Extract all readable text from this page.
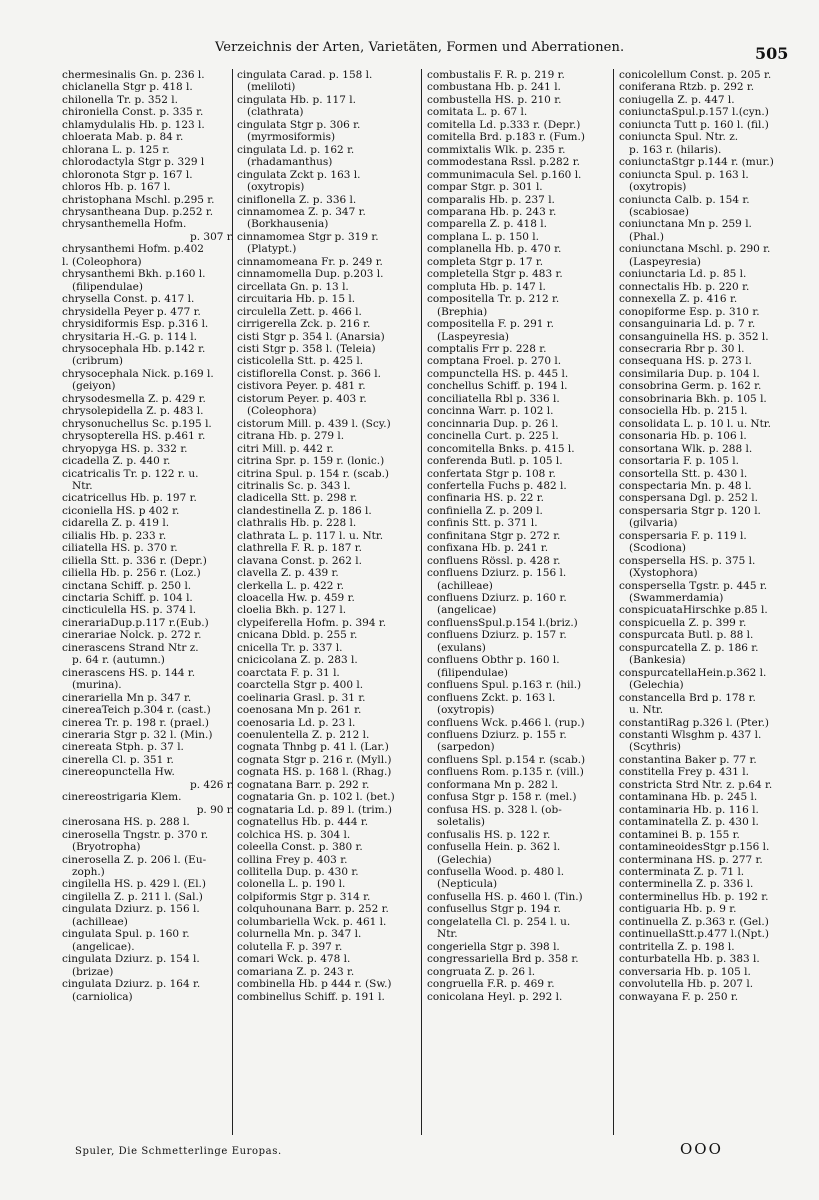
Verzeichnis der Arten, Varietäten, Formen und Aberrationen.	505
chermesinalis Gn. p. 236 l.
chiclanella Stgr p. 418 l.
chilonella Tr. p. 352 l.
chironiella Const. p. 335 r.
chlamydulalis Hb. p. 123 l.
chloerata Mab. p. 84 r.
chlorana L. p. 125 r.
chlorodactyla Stgr p. 329 l
chloronota Stgr p. 167 l.
chloros Hb. p. 167 l.
christophana Mschl. p.295 r.
chrysantheana Dup. p.252 r.
chrysanthemella Hofm.
p. 307 r.
chrysanthemi Hofm. p.402
l. (Coleophora)
chrysanthemi Bkh. p.160 l.
(filipendulae)
chrysella Const. p. 417 l.
chrysidella Peyer p. 477 r.
chrysidiformis Esp. p.316 l.
chrysitaria H.-G. p. 114 l.
chrysocephala Hb. p.142 r.
(cribrum)
chrysocephala Nick. p.169 l.
(geiyon)
chrysodesmella Z. p. 429 r.
chrysolepidella Z. p. 483 l.
chrysonuchellus Sc. p.195 l.
chrysopterella HS. p.461 r.
chryopyga HS. p. 332 r.
cicadella Z. p. 440 r.
cicatricalis Tr. p. 122 r. u.
Ntr.
cicatricellus Hb. p. 197 r.
ciconiella HS. p 402 r.
cidarella Z. p. 419 l.
cilialis Hb. p. 233 r.
ciliatella HS. p. 370 r.
ciliella Stt. p. 336 r. (Depr.)
ciliella Hb. p. 256 r. (Loz.)
cinctana Schiff. p. 250 l.
cinctaria Schiff. p. 104 l.
cincticulella HS. p. 374 l.
cinerariaDup.p.117 r.(Eub.)
cinerariae Nolck. p. 272 r.
cinerascens Strand Ntr z.
p. 64 r. (autumn.)
cinerascens HS. p. 144 r.
(murina).
cinerariella Mn p. 347 r.
cinereaTeich p.304 r. (cast.)
cinerea Tr. p. 198 r. (prael.)
cineraria Stgr p. 32 l. (Min.)
cinereata Stph. p. 37 l.
cinerella Cl. p. 351 r.
cinereopunctella Hw.
p. 426 r.
cinereostrigaria Klem.
p. 90 r.
cinerosana HS. p. 288 l.
cinerosella Tngstr. p. 370 r.
(Bryotropha)
cinerosella Z. p. 206 l. (Eu-
zoph.)
cingilella HS. p. 429 l. (El.)
cingilella Z. p. 211 l. (Sal.)
cingulata Dziurz. p. 156 l.
(achilleae)
cingulata Spul. p. 160 r.
(angelicae).
cingulata Dziurz. p. 154 l.
(brizae)
cingulata Dziurz. p. 164 r.
(carniolica)
cingulata Carad. p. 158 l.
(meliloti)
cingulata Hb. p. 117 l.
(clathrata)
cingulata Stgr p. 306 r.
(myrmosiformis)
cingulata Ld. p. 162 r.
(rhadamanthus)
cingulata Zckt p. 163 l.
(oxytropis)
ciniflonella Z. p. 336 l.
cinnamomea Z. p. 347 r.
(Borkhausenia)
cinnamomea Stgr p. 319 r.
(Platypt.)
cinnamomeana Fr. p. 249 r.
cinnamomella Dup. p.203 l.
circellata Gn. p. 13 l.
circuitaria Hb. p. 15 l.
circulella Zett. p. 466 l.
cirrigerella Zck. p. 216 r.
cisti Stgr p. 354 l. (Anarsia)
cisti Stgr p. 358 l. (Teleia)
cisticolella Stt. p. 425 l.
cistiflorella Const. p. 366 l.
cistivora Peyer. p. 481 r.
cistorum Peyer. p. 403 r.
(Coleophora)
cistorum Mill. p. 439 l. (Scy.)
citrana Hb. p. 279 l.
citri Mill. p. 442 r.
citrina Spr. p. 159 r. (lonic.)
citrina Spul. p. 154 r. (scab.)
citrinalis Sc. p. 343 l.
cladicella Stt. p. 298 r.
clandestinella Z. p. 186 l.
clathralis Hb. p. 228 l.
clathrata L. p. 117 l. u. Ntr.
clathrella F. R. p. 187 r.
clavana Const. p. 262 l.
clavella Z. p. 439 r.
clerkella L. p. 422 r.
cloacella Hw. p. 459 r.
cloelia Bkh. p. 127 l.
clypeiferella Hofm. p. 394 r.
cnicana Dbld. p. 255 r.
cnicella Tr. p. 337 l.
cnicicolana Z. p. 283 l.
coarctata F. p. 31 l.
coarctella Stgr p. 400 l.
coelinaria Grasl. p. 31 r.
coenosana Mn p. 261 r.
coenosaria Ld. p. 23 l.
coenulentella Z. p. 212 l.
cognata Thnbg p. 41 l. (Lar.)
cognata Stgr p. 216 r. (Myll.)
cognata HS. p. 168 l. (Rhag.)
cognatana Barr. p. 292 r.
cognataria Gn. p. 102 l. (bet.)
cognataria Ld. p. 89 l. (trim.)
cognatellus Hb. p. 444 r.
colchica HS. p. 304 l.
coleella Const. p. 380 r.
collina Frey p. 403 r.
collitella Dup. p. 430 r.
colonella L. p. 190 l.
colpiformis Stgr p. 314 r.
colquhounana Barr. p. 252 r.
columbariella Wck. p. 461 l.
colurnella Mn. p. 347 l.
colutella F. p. 397 r.
comari Wck. p. 478 l.
comariana Z. p. 243 r.
combinella Hb. p 444 r. (Sw.)
combinellus Schiff. p. 191 l.
combustalis F. R. p. 219 r.
combustana Hb. p. 241 l.
combustella HS. p. 210 r.
comitata L. p. 67 l.
comitella Ld. p.333 r. (Depr.)
comitella Brd. p.183 r. (Fum.)
commixtalis Wlk. p. 235 r.
commodestana Rssl. p.282 r.
communimacula Sel. p.160 l.
compar Stgr. p. 301 l.
comparalis Hb. p. 237 l.
comparana Hb. p. 243 r.
comparella Z. p. 418 l.
complana L. p. 150 l.
complanella Hb. p. 470 r.
completa Stgr p. 17 r.
completella Stgr p. 483 r.
compluta Hb. p. 147 l.
compositella Tr. p. 212 r.
(Brephia)
compositella F. p. 291 r.
(Laspeyresia)
comptalis Frr p. 228 r.
comptana Froel. p. 270 l.
compunctella HS. p. 445 l.
conchellus Schiff. p. 194 l.
conciliatella Rbl p. 336 l.
concinna Warr. p. 102 l.
concinnaria Dup. p. 26 l.
concinella Curt. p. 225 l.
concomitella Bnks. p. 415 l.
conferenda Butl. p. 105 l.
confertata Stgr p. 108 r.
confertella Fuchs p. 482 l.
confinaria HS. p. 22 r.
confiniella Z. p. 209 l.
confinis Stt. p. 371 l.
confinitana Stgr p. 272 r.
confixana Hb. p. 241 r.
confluens Rössl. p. 428 r.
confluens Dziurz. p. 156 l.
(achilleae)
confluens Dziurz. p. 160 r.
(angelicae)
confluensSpul.p.154 l.(briz.)
confluens Dziurz. p. 157 r.
(exulans)
confluens Obthr p. 160 l.
(filipendulae)
confluens Spul. p.163 r. (hil.)
confluens Zckt. p. 163 l.
(oxytropis)
confluens Wck. p.466 l. (rup.)
confluens Dziurz. p. 155 r.
(sarpedon)
confluens Spl. p.154 r. (scab.)
confluens Rom. p.135 r. (vill.)
conformana Mn p. 282 l.
confusa Stgr p. 158 r. (mel.)
confusa HS. p. 328 l. (ob-
soletalis)
confusalis HS. p. 122 r.
confusella Hein. p. 362 l.
(Gelechia)
confusella Wood. p. 480 l.
(Nepticula)
confusella HS. p. 460 l. (Tin.)
confusellus Stgr p. 194 r.
congelatella Cl. p. 254 l. u.
Ntr.
congeriella Stgr p. 398 l.
congressariella Brd p. 358 r.
congruata Z. p. 26 l.
congruella F.R. p. 469 r.
conicolana Heyl. p. 292 l.
conicolellum Const. p. 205 r.
coniferana Rtzb. p. 292 r.
coniugella Z. p. 447 l.
coniunctaSpul.p.157 l.(cyn.)
coniuncta Tutt p. 160 l. (fil.)
coniuncta Spul. Ntr. z.
p. 163 r. (hilaris).
coniunctaStgr p.144 r. (mur.)
coniuncta Spul. p. 163 l.
(oxytropis)
coniuncta Calb. p. 154 r.
(scabiosae)
coniunctana Mn p. 259 l.
(Phal.)
coniunctana Mschl. p. 290 r.
(Laspeyresia)
coniunctaria Ld. p. 85 l.
connectalis Hb. p. 220 r.
connexella Z. p. 416 r.
conopiforme Esp. p. 310 r.
consanguinaria Ld. p. 7 r.
consanguinella HS. p. 352 l.
consecraria Rbr p. 30 l.
consequana HS. p. 273 l.
consimilaria Dup. p. 104 l.
consobrina Germ. p. 162 r.
consobrinaria Bkh. p. 105 l.
consociella Hb. p. 215 l.
consolidata L. p. 10 l. u. Ntr.
consonaria Hb. p. 106 l.
consortana Wlk. p. 288 l.
consortaria F. p. 105 l.
consortella Stt. p. 430 l.
conspectaria Mn. p. 48 l.
conspersana Dgl. p. 252 l.
conspersaria Stgr p. 120 l.
(gilvaria)
conspersaria F. p. 119 l.
(Scodiona)
conspersella HS. p. 375 l.
(Xystophora)
conspersella Tgstr. p. 445 r.
(Swammerdamia)
conspicuataHirschke p.85 l.
conspicuella Z. p. 399 r.
conspurcata Butl. p. 88 l.
conspurcatella Z. p. 186 r.
(Bankesia)
conspurcatellaHein.p.362 l.
(Gelechia)
constancella Brd p. 178 r.
u. Ntr.
constantiRag p.326 l. (Pter.)
constanti Wlsghm p. 437 l.
(Scythris)
constantina Baker p. 77 r.
constitella Frey p. 431 l.
constricta Strd Ntr. z. p.64 r.
contaminana Hb. p. 245 l.
contaminaria Hb. p. 116 l.
contaminatella Z. p. 430 l.
contaminei B. p. 155 r.
contamineoidesStgr p.156 l.
conterminana HS. p. 277 r.
conterminata Z. p. 71 l.
conterminella Z. p. 336 l.
conterminellus Hb. p. 192 r.
contiguaria Hb. p. 9 r.
continuella Z. p.363 r. (Gel.)
continuellaStt.p.477 l.(Npt.)
contritella Z. p. 198 l.
conturbatella Hb. p. 383 l.
conversaria Hb. p. 105 l.
convolutella Hb. p. 207 l.
conwayana F. p. 250 r.
Spuler, Die Schmetterlinge Europas.	OOO
